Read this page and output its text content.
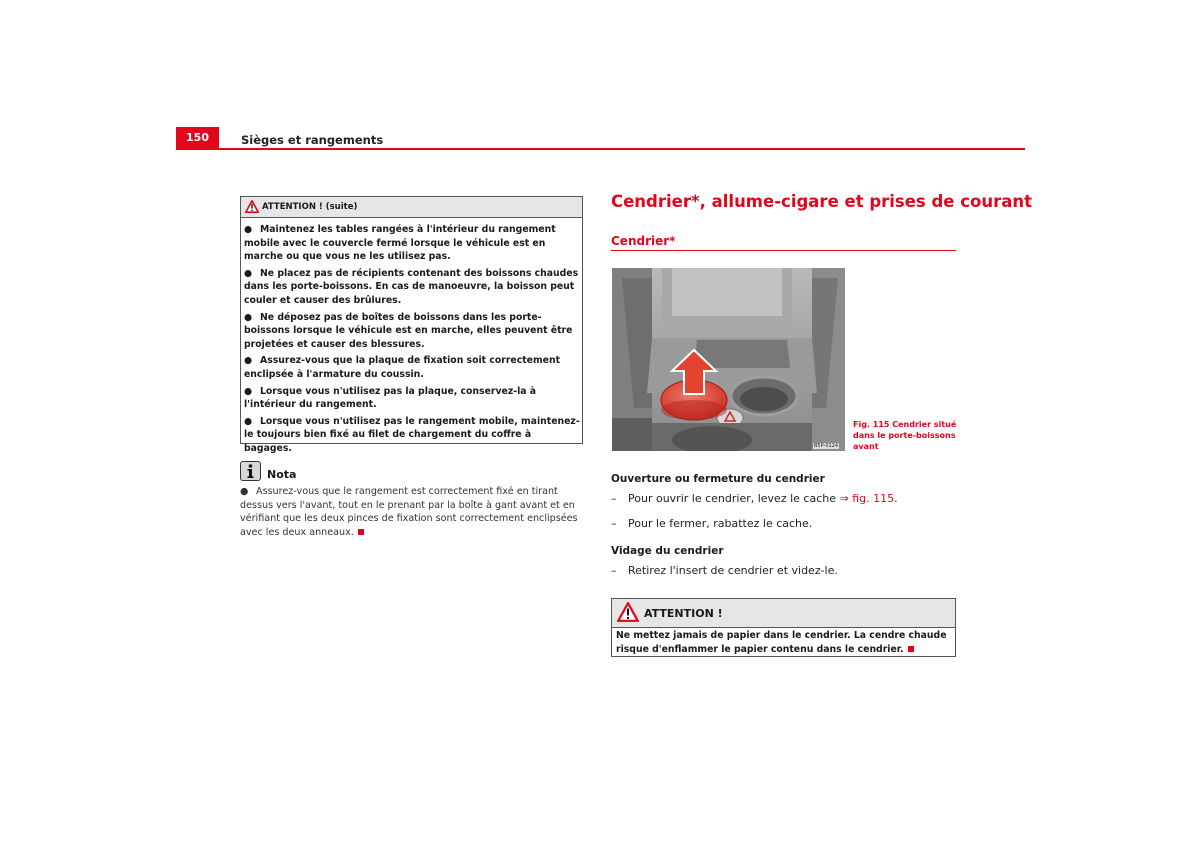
150	Sièges et rangements
ATTENTION ! (suite)

● Maintenez les tables rangées à l'intérieur du rangement mobile avec le couvercle fermé lorsque le véhicule est en marche ou que vous ne les utilisez pas.

● Ne placez pas de récipients contenant des boissons chaudes dans les porte-boissons. En cas de manoeuvre, la boisson peut couler et causer des brûlures.

● Ne déposez pas de boîtes de boissons dans les porte-boissons lorsque le véhicule est en marche, elles peuvent être projetées et causer des blessures.

● Assurez-vous que la plaque de fixation soit correctement enclipsée à l'armature du coussin.

● Lorsque vous n'utilisez pas la plaque, conservez-la à l'intérieur du rangement.

● Lorsque vous n'utilisez pas le rangement mobile, maintenez-le toujours bien fixé au filet de chargement du coffre à bagages.

Nota
● Assurez-vous que le rangement est correctement fixé en tirant dessus vers l'avant, tout en le prenant par la boîte à gant avant et en vérifiant que les deux pinces de fixation sont correctement enclipsées avec les deux anneaux.
Cendrier*, allume-cigare et prises de courant
Cendrier*
B5P-0124
Fig. 115 Cendrier situé dans le porte-boissons avant
Ouverture ou fermeture du cendrier
– Pour ouvrir le cendrier, levez le cache ⇒ fig. 115.
– Pour le fermer, rabattez le cache.
Vidage du cendrier
– Retirez l'insert de cendrier et videz-le.
ATTENTION !
Ne mettez jamais de papier dans le cendrier. La cendre chaude risque d'enflammer le papier contenu dans le cendrier.
